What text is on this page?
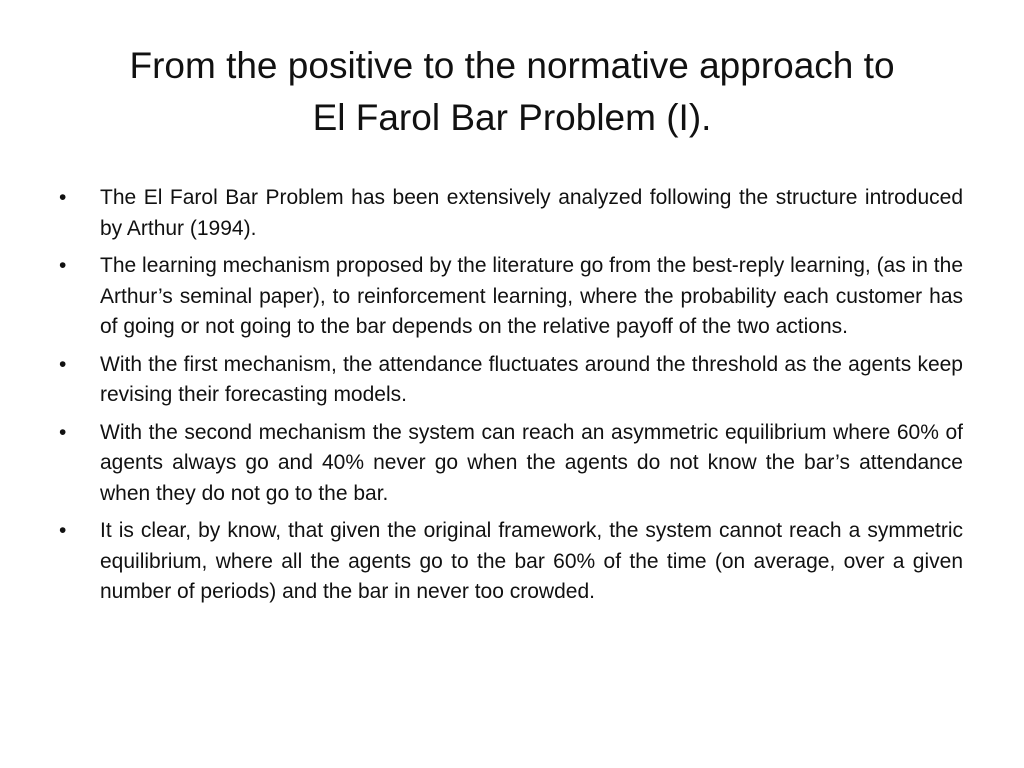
From the positive to the normative approach to
El Farol Bar Problem (I).
•	The El Farol Bar Problem has been extensively analyzed following the structure introduced by Arthur (1994).
•	The learning mechanism proposed by the literature go from the best-reply learning, (as in the Arthur’s seminal paper), to reinforcement learning, where the probability each customer has of going or not going to the bar depends on the relative payoff of the two actions.
•	With the first mechanism, the attendance fluctuates around the threshold as the agents keep revising their forecasting models.
•	With the second mechanism the system can reach an asymmetric equilibrium where 60% of agents always go and 40% never go when the agents do not know the bar’s attendance when they do not go to the bar.
•	It is clear, by know, that given the original framework, the system cannot reach a symmetric equilibrium, where all the agents go to the bar 60% of the time (on average, over a given number of periods) and the bar in never too crowded.
